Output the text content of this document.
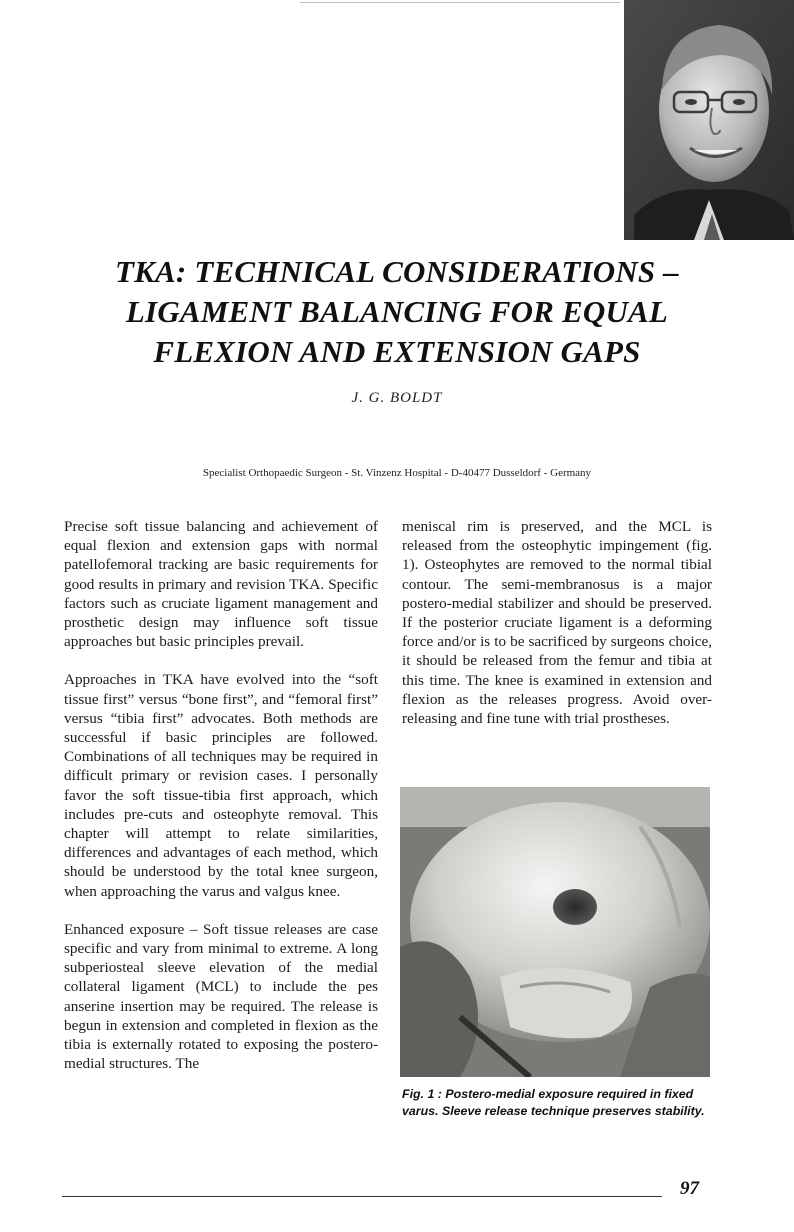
TKA: TECHNICAL CONSIDERATIONS –
LIGAMENT BALANCING FOR EQUAL
FLEXION AND EXTENSION GAPS
J. G. BOLDT
Specialist Orthopaedic Surgeon - St. Vinzenz Hospital - D-40477 Dusseldorf - Germany

Precise soft tissue balancing and achievement of equal flexion and extension gaps with normal patellofemoral tracking are basic requirements for good results in primary and revision TKA. Specific factors such as cruciate ligament management and prosthetic design may influence soft tissue approaches but basic principles prevail.

Approaches in TKA have evolved into the “soft tissue first” versus “bone first”, and “femoral first” versus “tibia first” advocates. Both methods are successful if basic principles are followed. Combinations of all techniques may be required in difficult primary or revision cases. I personally favor the soft tissue-tibia first approach, which includes pre-cuts and osteophyte removal. This chapter will attempt to relate similarities, differences and advantages of each method, which should be understood by the total knee surgeon, when approaching the varus and valgus knee.

Enhanced exposure – Soft tissue releases are case specific and vary from minimal to extreme. A long subperiosteal sleeve elevation of the medial collateral ligament (MCL) to include the pes anserine insertion may be required. The release is begun in extension and completed in flexion as the tibia is externally rotated to exposing the postero-medial structures. The

meniscal rim is preserved, and the MCL is released from the osteophytic impingement (fig. 1). Osteophytes are removed to the normal tibial contour. The semi-membranosus is a major postero-medial stabilizer and should be preserved. If the posterior cruciate ligament is a deforming force and/or is to be sacrificed by surgeons choice, it should be released from the femur and tibia at this time. The knee is examined in extension and flexion as the releases progress. Avoid over-releasing and fine tune with trial prostheses.

Fig. 1 : Postero-medial exposure required in fixed varus. Sleeve release technique preserves stability.
97
